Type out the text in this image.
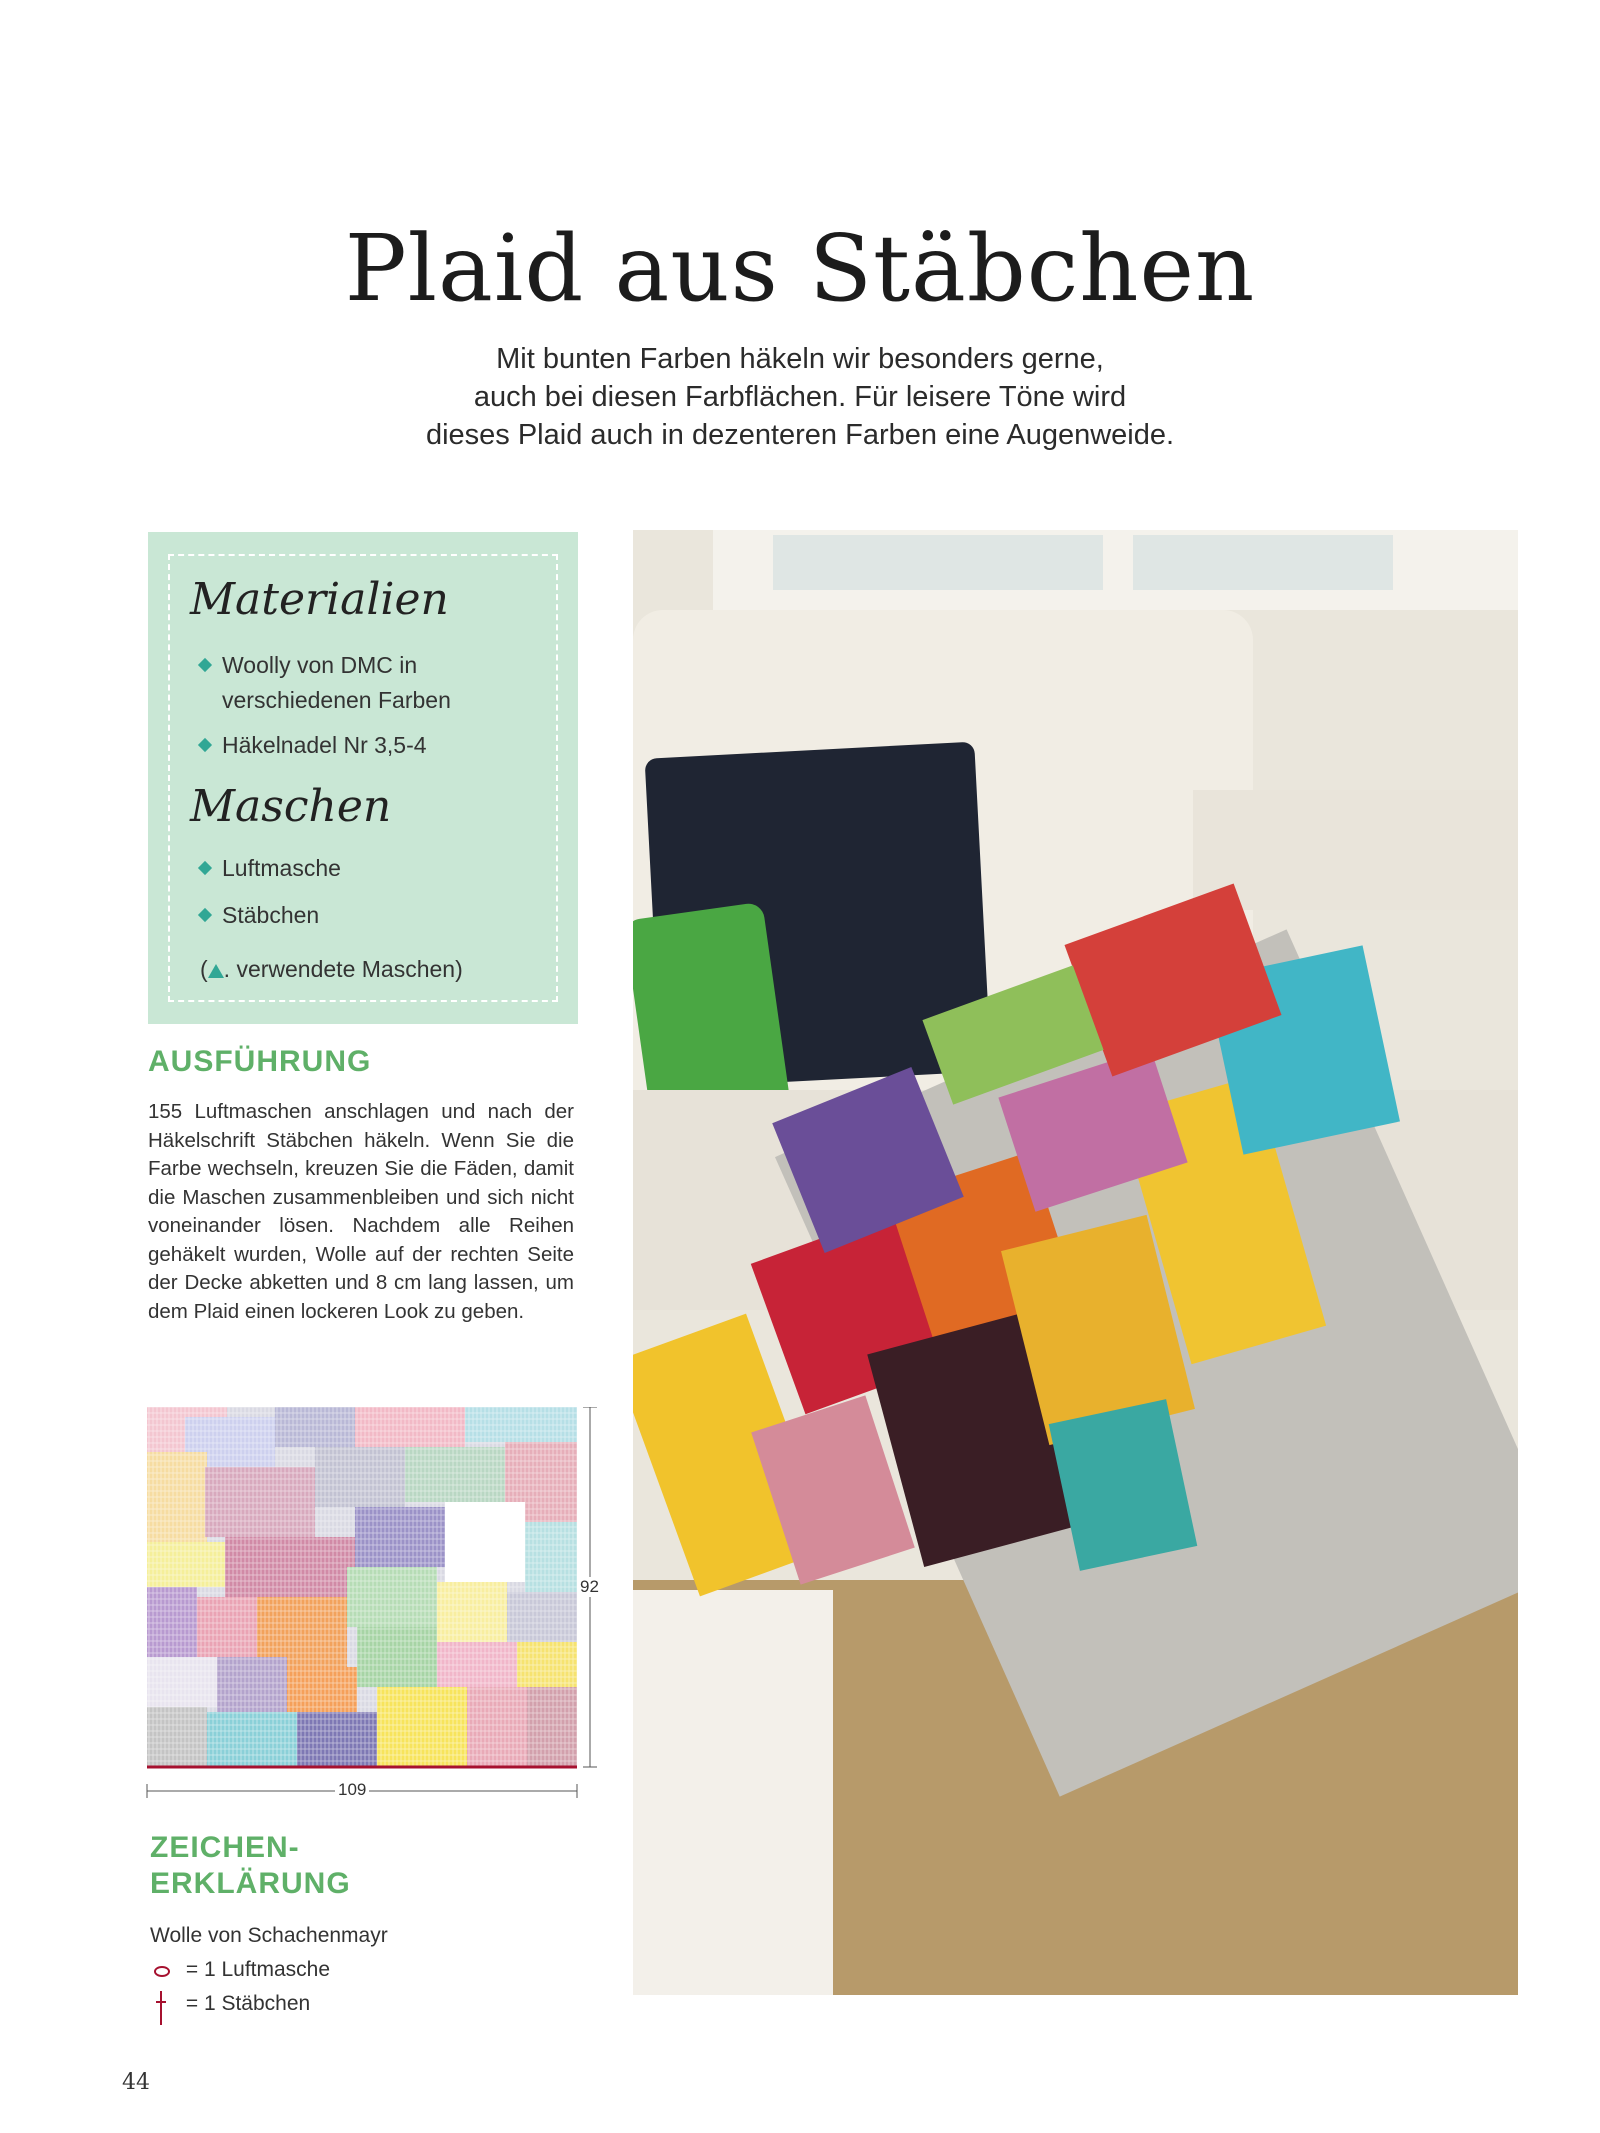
Plaid aus Stäbchen
Mit bunten Farben häkeln wir besonders gerne,
auch bei diesen Farbflächen. Für leisere Töne wird
dieses Plaid auch in dezenteren Farben eine Augenweide.
Materialien
Woolly von DMC in
verschiedenen Farben
Häkelnadel Nr 3,5-4
Maschen
Luftmasche
Stäbchen
( . verwendete Maschen)
AUSFÜHRUNG

155 Luftmaschen anschlagen und nach der Häkelschrift Stäbchen häkeln. Wenn Sie die Farbe wechseln, kreuzen Sie die Fäden, damit die Maschen zusammenbleiben und sich nicht voneinander lösen. Nachdem alle Reihen gehäkelt wurden, Wolle auf der rechten Seite der Decke abketten und 8 cm lang lassen, um dem Plaid einen lockeren Look zu geben.

109
92
ZEICHEN-
ERKLÄRUNG
Wolle von Schachenmayr
= 1 Luftmasche
= 1 Stäbchen
44
